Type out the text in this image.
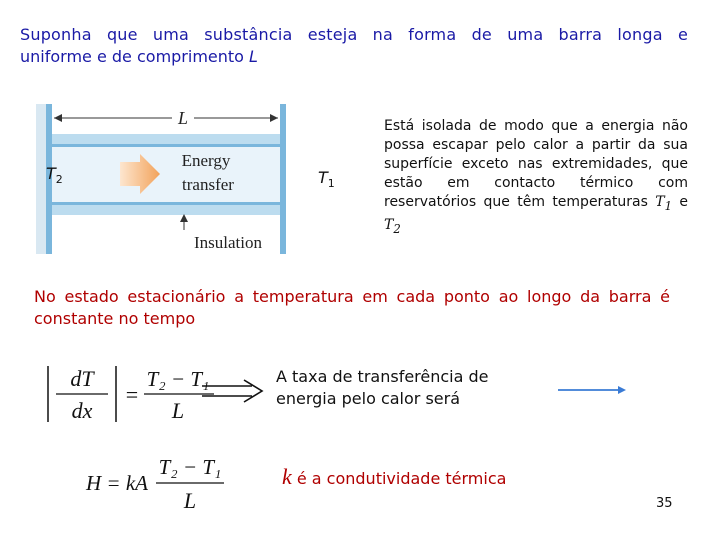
Suponha que uma substância esteja na forma de uma barra longa e
uniforme e de comprimento L
L
Energy
transfer
Insulation
$T_2$	$T_1$
Está isolada de modo que a energia não possa escapar pelo calor a partir da sua superfície exceto nas extremidades, que estão em contacto térmico com reservatórios que têm temperaturas $T_1$ e $T_2$
No estado estacionário a temperatura em cada ponto ao longo da barra é constante no tempo
dT
dx
=
T₂ − T₁
L
A taxa de transferência de energia pelo calor será
H = kA
T₂ − T₁
L
k é a condutividade térmica
35
